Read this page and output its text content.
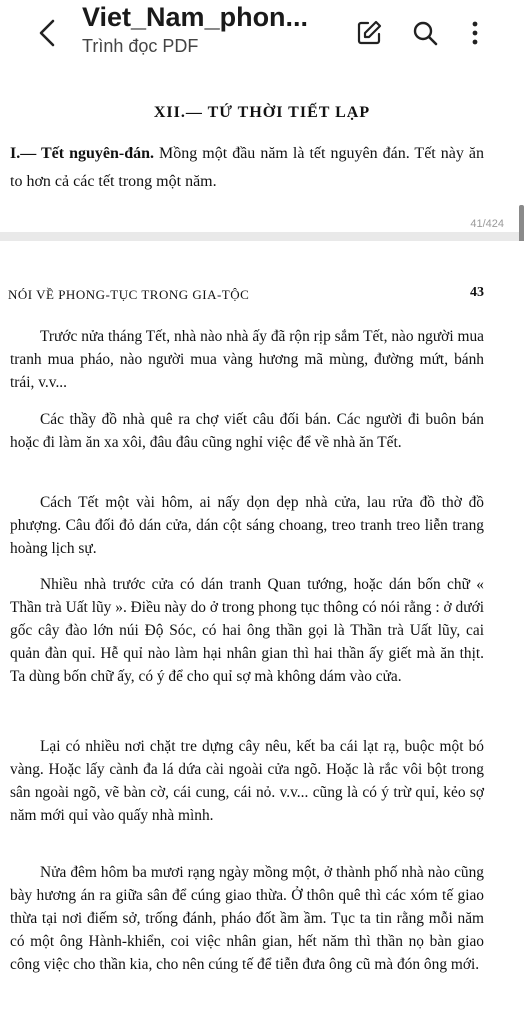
Viet_Nam_phon...
Trình đọc PDF
XII.— TỨ THỜI TIẾT LẠP
I.— Tết nguyên-đán. Mồng một đầu năm là tết nguyên đán. Tết này ăn to hơn cả các tết trong một năm.
41/424
NÓI VỀ PHONG-TỤC TRONG GIA-TỘC	43
Trước nửa tháng Tết, nhà nào nhà ấy đã rộn rịp sắm Tết, nào người mua tranh mua pháo, nào người mua vàng hương mã mùng, đường mứt, bánh trái, v.v...
Các thầy đồ nhà quê ra chợ viết câu đối bán. Các người đi buôn bán hoặc đi làm ăn xa xôi, đâu đâu cũng nghỉ việc để về nhà ăn Tết.
Cách Tết một vài hôm, ai nấy dọn dẹp nhà cửa, lau rửa đồ thờ đồ phượng. Câu đối đỏ dán cửa, dán cột sáng choang, treo tranh treo liễn trang hoàng lịch sự.
Nhiều nhà trước cửa có dán tranh Quan tướng, hoặc dán bốn chữ « Thần trà Uất lũy ». Điều này do ở trong phong tục thông có nói rằng : ở dưới gốc cây đào lớn núi Độ Sóc, có hai ông thần gọi là Thần trà Uất lũy, cai quản đàn quỉ. Hễ quỉ nào làm hại nhân gian thì hai thần ấy giết mà ăn thịt. Ta dùng bốn chữ ấy, có ý để cho quỉ sợ mà không dám vào cửa.
Lại có nhiều nơi chặt tre dựng cây nêu, kết ba cái lạt rạ, buộc một bó vàng. Hoặc lấy cành đa lá dứa cài ngoài cửa ngõ. Hoặc là rắc vôi bột trong sân ngoài ngõ, vẽ bàn cờ, cái cung, cái nỏ. v.v... cũng là có ý trừ quỉ, kẻo sợ năm mới quỉ vào quấy nhà mình.
Nửa đêm hôm ba mươi rạng ngày mồng một, ở thành phố nhà nào cũng bày hương án ra giữa sân để cúng giao thừa. Ở thôn quê thì các xóm tế giao thừa tại nơi điếm sở, trống đánh, pháo đốt ầm ầm. Tục ta tin rằng mỗi năm có một ông Hành-khiển, coi việc nhân gian, hết năm thì thần nọ bàn giao công việc cho thần kia, cho nên cúng tế để tiễn đưa ông cũ mà đón ông mới.
